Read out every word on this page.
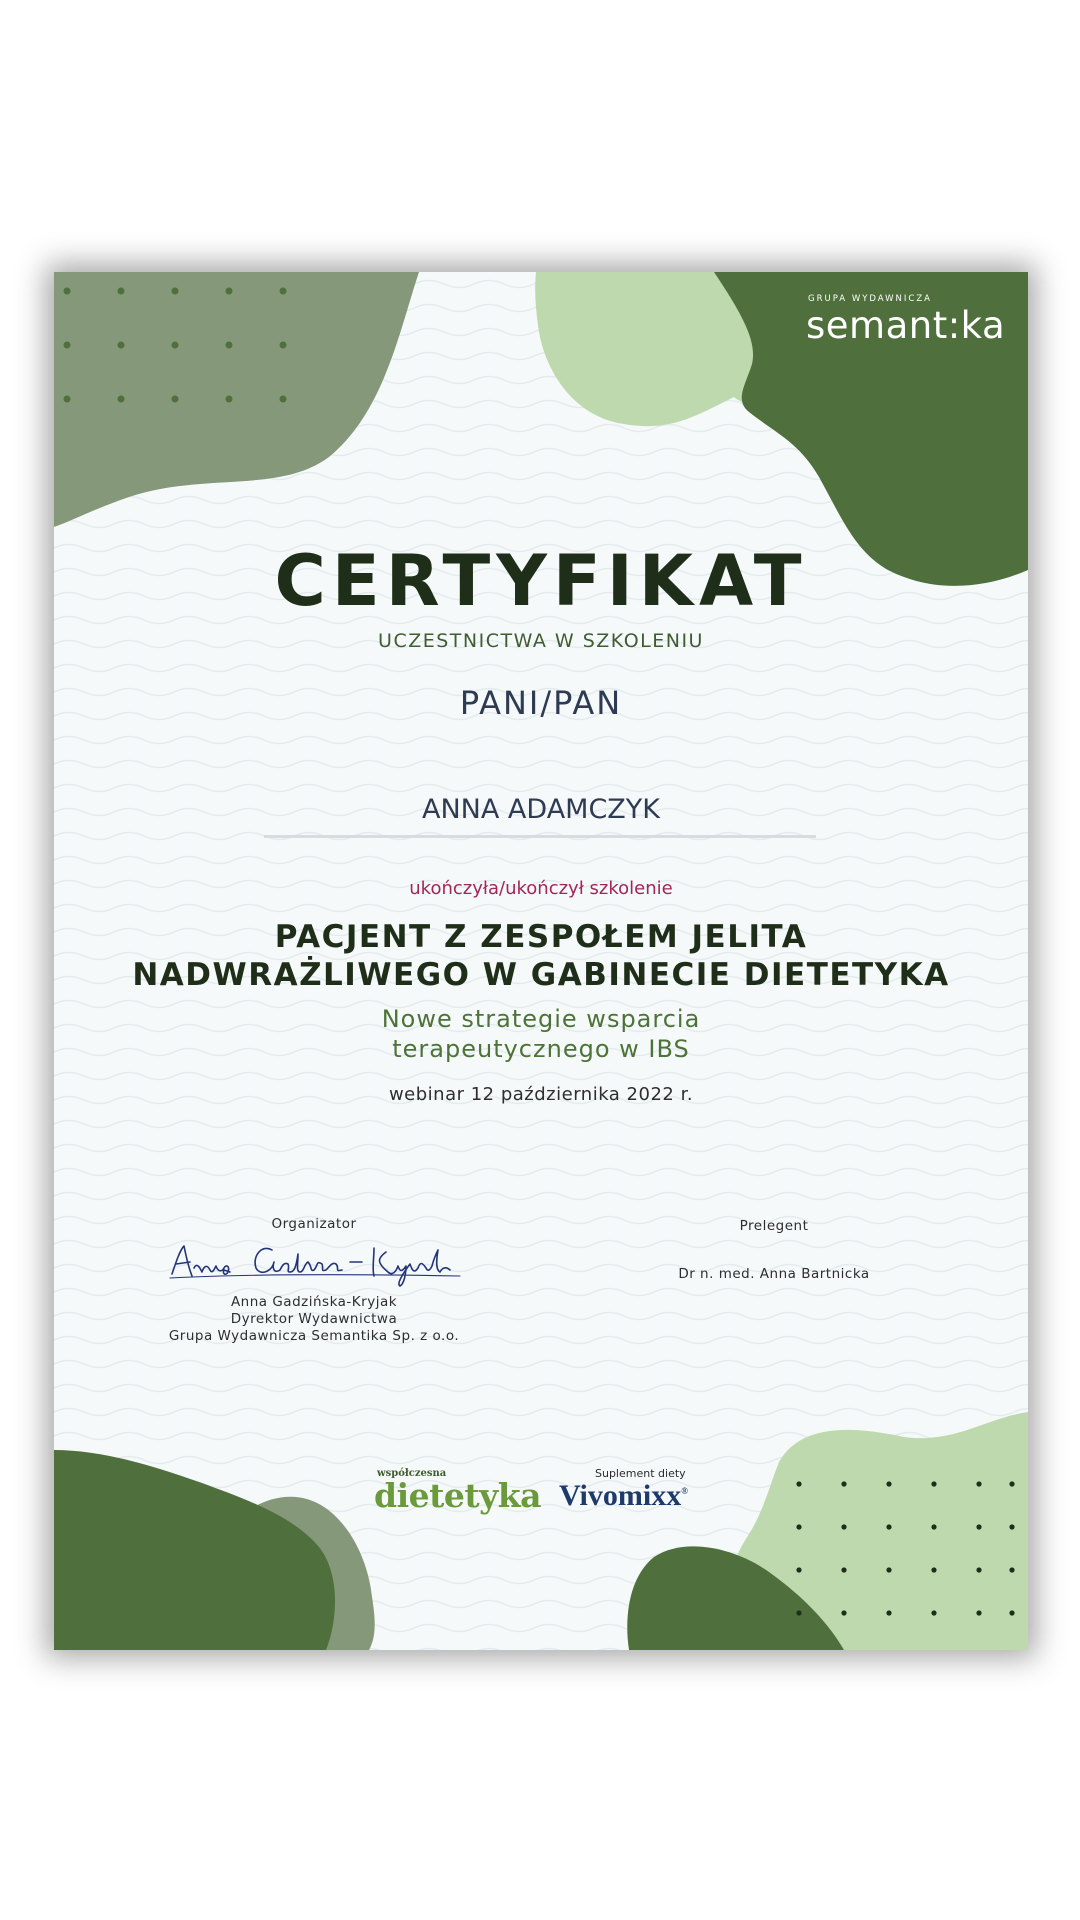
GRUPA WYDAWNICZA

semant:ka

CERTYFIKAT

UCZESTNICTWA W SZKOLENIU

PANI/PAN

ANNA ADAMCZYK

ukończyła/ukończył szkolenie

PACJENT Z ZESPOŁEM JELITA
NADWRAŻLIWEGO W GABINECIE DIETETYKA
Nowe strategie wsparcia
terapeutycznego w IBS

webinar 12 października 2022 r.

Organizator

Anna Gadzińska-Kryjak

Dyrektor Wydawnictwa

Grupa Wydawnicza Semantika Sp. z o.o.

Prelegent

Dr n. med. Anna Bartnicka

współczesna

dietetyka

Suplement diety

Vivomixx®
